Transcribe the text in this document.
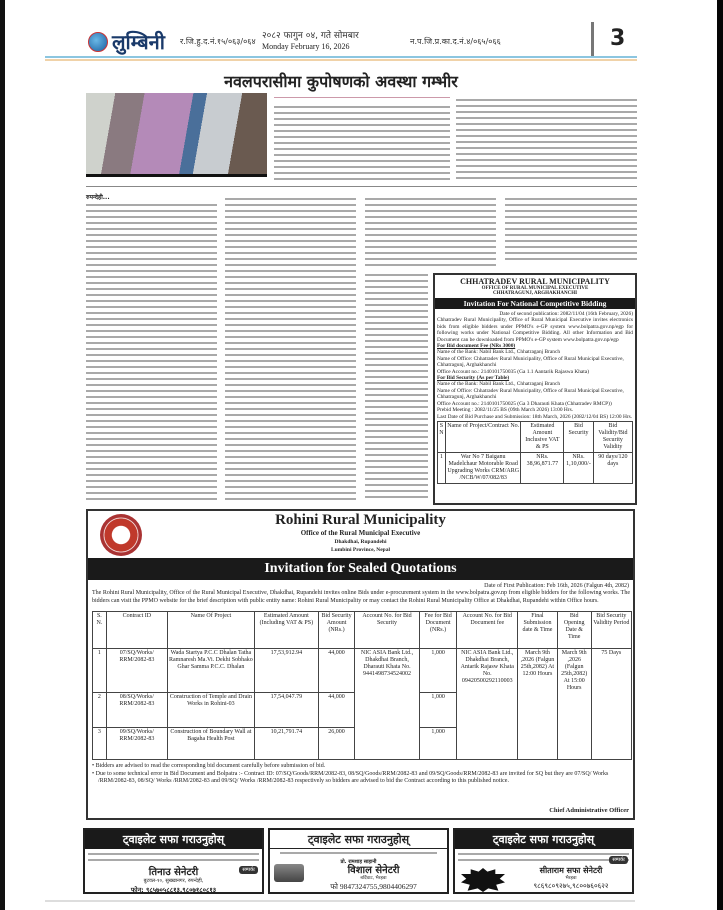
लुम्बिनी र.जि.हु.द.नं.१५/०६३/०६४
२०८२ फागुन ०४, गते सोमबार
Monday February 16, 2026
न.प.जि.प्र.का.द.नं.४/०६५/०६६	3
नवलपरासीमा कुपोषणको अवस्था गम्भीर
रुपन्देही...
CHHATRADEV RURAL MUNICIPALITY
OFFICE OF RURAL MUNICIPAL EXECUTIVE
CHHATRAGUNJ, ARGHAKHANCHI
Invitation For National Competitive Bidding
Date of second publication: 2082/11/04 (16th February, 2026)
Chhatradev Rural Municipality, Office of Rural Municipal Executive invites electronics bids from eligible bidders under PPMO's e-GP system www.bolpatra.gov.np/egp for following works under National Competitive Bidding. All other Information and Bid Document can be downloaded from PPMO's e-GP system www.bolpatra.gov.np/egp
For Bid document Fee (NRs 3000)
Name of the Bank: Nabil Bank Ltd., Chhatraganj Branch
Name of Office: Chhatradev Rural Municipality, Office of Rural Municipal Executive, Chhatragunj, Arghakhanchi
Office Account no.: 2140101750035 (Ga 1.1 Aantarik Rajaswa Khata)
For Bid Security (As per Table)
Name of the Bank: Nabil Bank Ltd., Chhatraganj Branch
Name of Office: Chhatradev Rural Municipality, Office of Rural Municipal Executive, Chhatragunj, Arghakhanchi
Office Account no.: 2140101750025 (Ga 3 Dharauti Khata (Chhatradev RMCP))
Prebid Meeting : 2082/11/25 BS (09th March 2026) 13:00 Hrs.
Last Date of Bid Purchase and Submission: 18th March, 2026 (2082/12/04 BS) 12:00 Hrs.
S N	Name of Project/Contract No.	Estimated Amount Inclusive VAT & PS	Bid Security	Bid Validity/Bid Security Validity
1	War No 7 Baiganu Madelchaur Motorable Road Upgrading Works CRM/ARG /NCB/W/07/082/83	NRs. 38,96,871.77	NRs. 1,10,000/-	90 days/120 days
Rohini Rural Municipality
Office of the Rural Municipal Executive
Dhakdhai, Rupandehi
Lumbini Province, Nepal
Invitation for Sealed Quotations
Date of First Publication: Feb 16th, 2026 (Falgun 4th, 2082)
The Rohini Rural Municipality, Office of the Rural Municipal Executive, Dhakdhai, Rupandehi invites online Bids under e-procurement system in the www.bolpatra.gov.np from eligible bidders for the following works. The bidders can visit the PPMO website for the brief description with public entity name: Rohini Rural Municipality or may contact the Rohini Rural Municipality Office at Dhakdhai, Rupandehi within Office hours.
S. N.	Contract ID	Name Of Project	Estimated Amount (Including VAT & PS)	Bid Security Amount (NRs.)	Account No. for Bid Security	Fee for Bid Document (NRs.)	Account No. for Bid Document fee	Final Submission date & Time	Bid Opening Date & Time	Bid Security Validity Period
1	07/SQ/Works/ RRM/2082-83	Wada Startya P.C.C Dhalan Tatha Ramnaresh Ma.Vi. Dekhi Sobhako Ghar Samma P.C.C. Dhalan	17,53,912.94	44,000	NIC ASIA Bank Ltd., Dhakdhai Branch, Dharauti Khata No. 9441498734524002	1,000	NIC ASIA Bank Ltd., Dhakdhai Branch, Antarik Rajasw Khata No. 09420500292110003	March 9th ,2026 (Falgun 25th,2082) At 12:00 Hours	March 9th ,2026 (Falgun 25th,2082) At 15:00 Hours	75 Days
2	08/SQ/Works/ RRM/2082-83	Construction of Temple and Drain Works in Rohini-03	17,54,047.79	44,000		1,000				
3	09/SQ/Works/ RRM/2082-83	Construction of Boundary Wall at Bagaha Health Post	10,21,791.74	26,000		1,000				
• Bidders are advised to read the corresponding bid document carefully before submission of bid.
• Due to some technical error in Bid Document and Bolpatra :- Contract ID: 07/SQ/Goods/RRM/2082-83, 08/SQ/Goods/RRM/2082-83 and 09/SQ/Goods/RRM/2082-83 are invited for SQ but they are 07/SQ/ Works /RRM/2082-83, 08/SQ/ Works /RRM/2082-83 and 09/SQ/ Works /RRM/2082-83 respectively so bidders are advised to bid the Contract according to this published notice.
Chief Administrative Officer
ट्वाइलेट सफा गराउनुहोस्
सम्पर्कः
तिनाउ सेनेटरी
बुटवल-१०, सुख्खानगर, रुपन्देही,
फोन: ९८५७०५८८१३,९८०७१८०८१३
ट्वाइलेट सफा गराउनुहोस्
प्रो. रामशाह साहानी
विशाल सेनेटरी
बर्दिघाट, भैरहवा
फो 9847324755,9804406297
ट्वाइलेट सफा गराउनुहोस्
सम्पर्कः
सीताराम सफा सेनेटरी
भैरहवा
९८६९८०९२७५,९८००७६०६२२
